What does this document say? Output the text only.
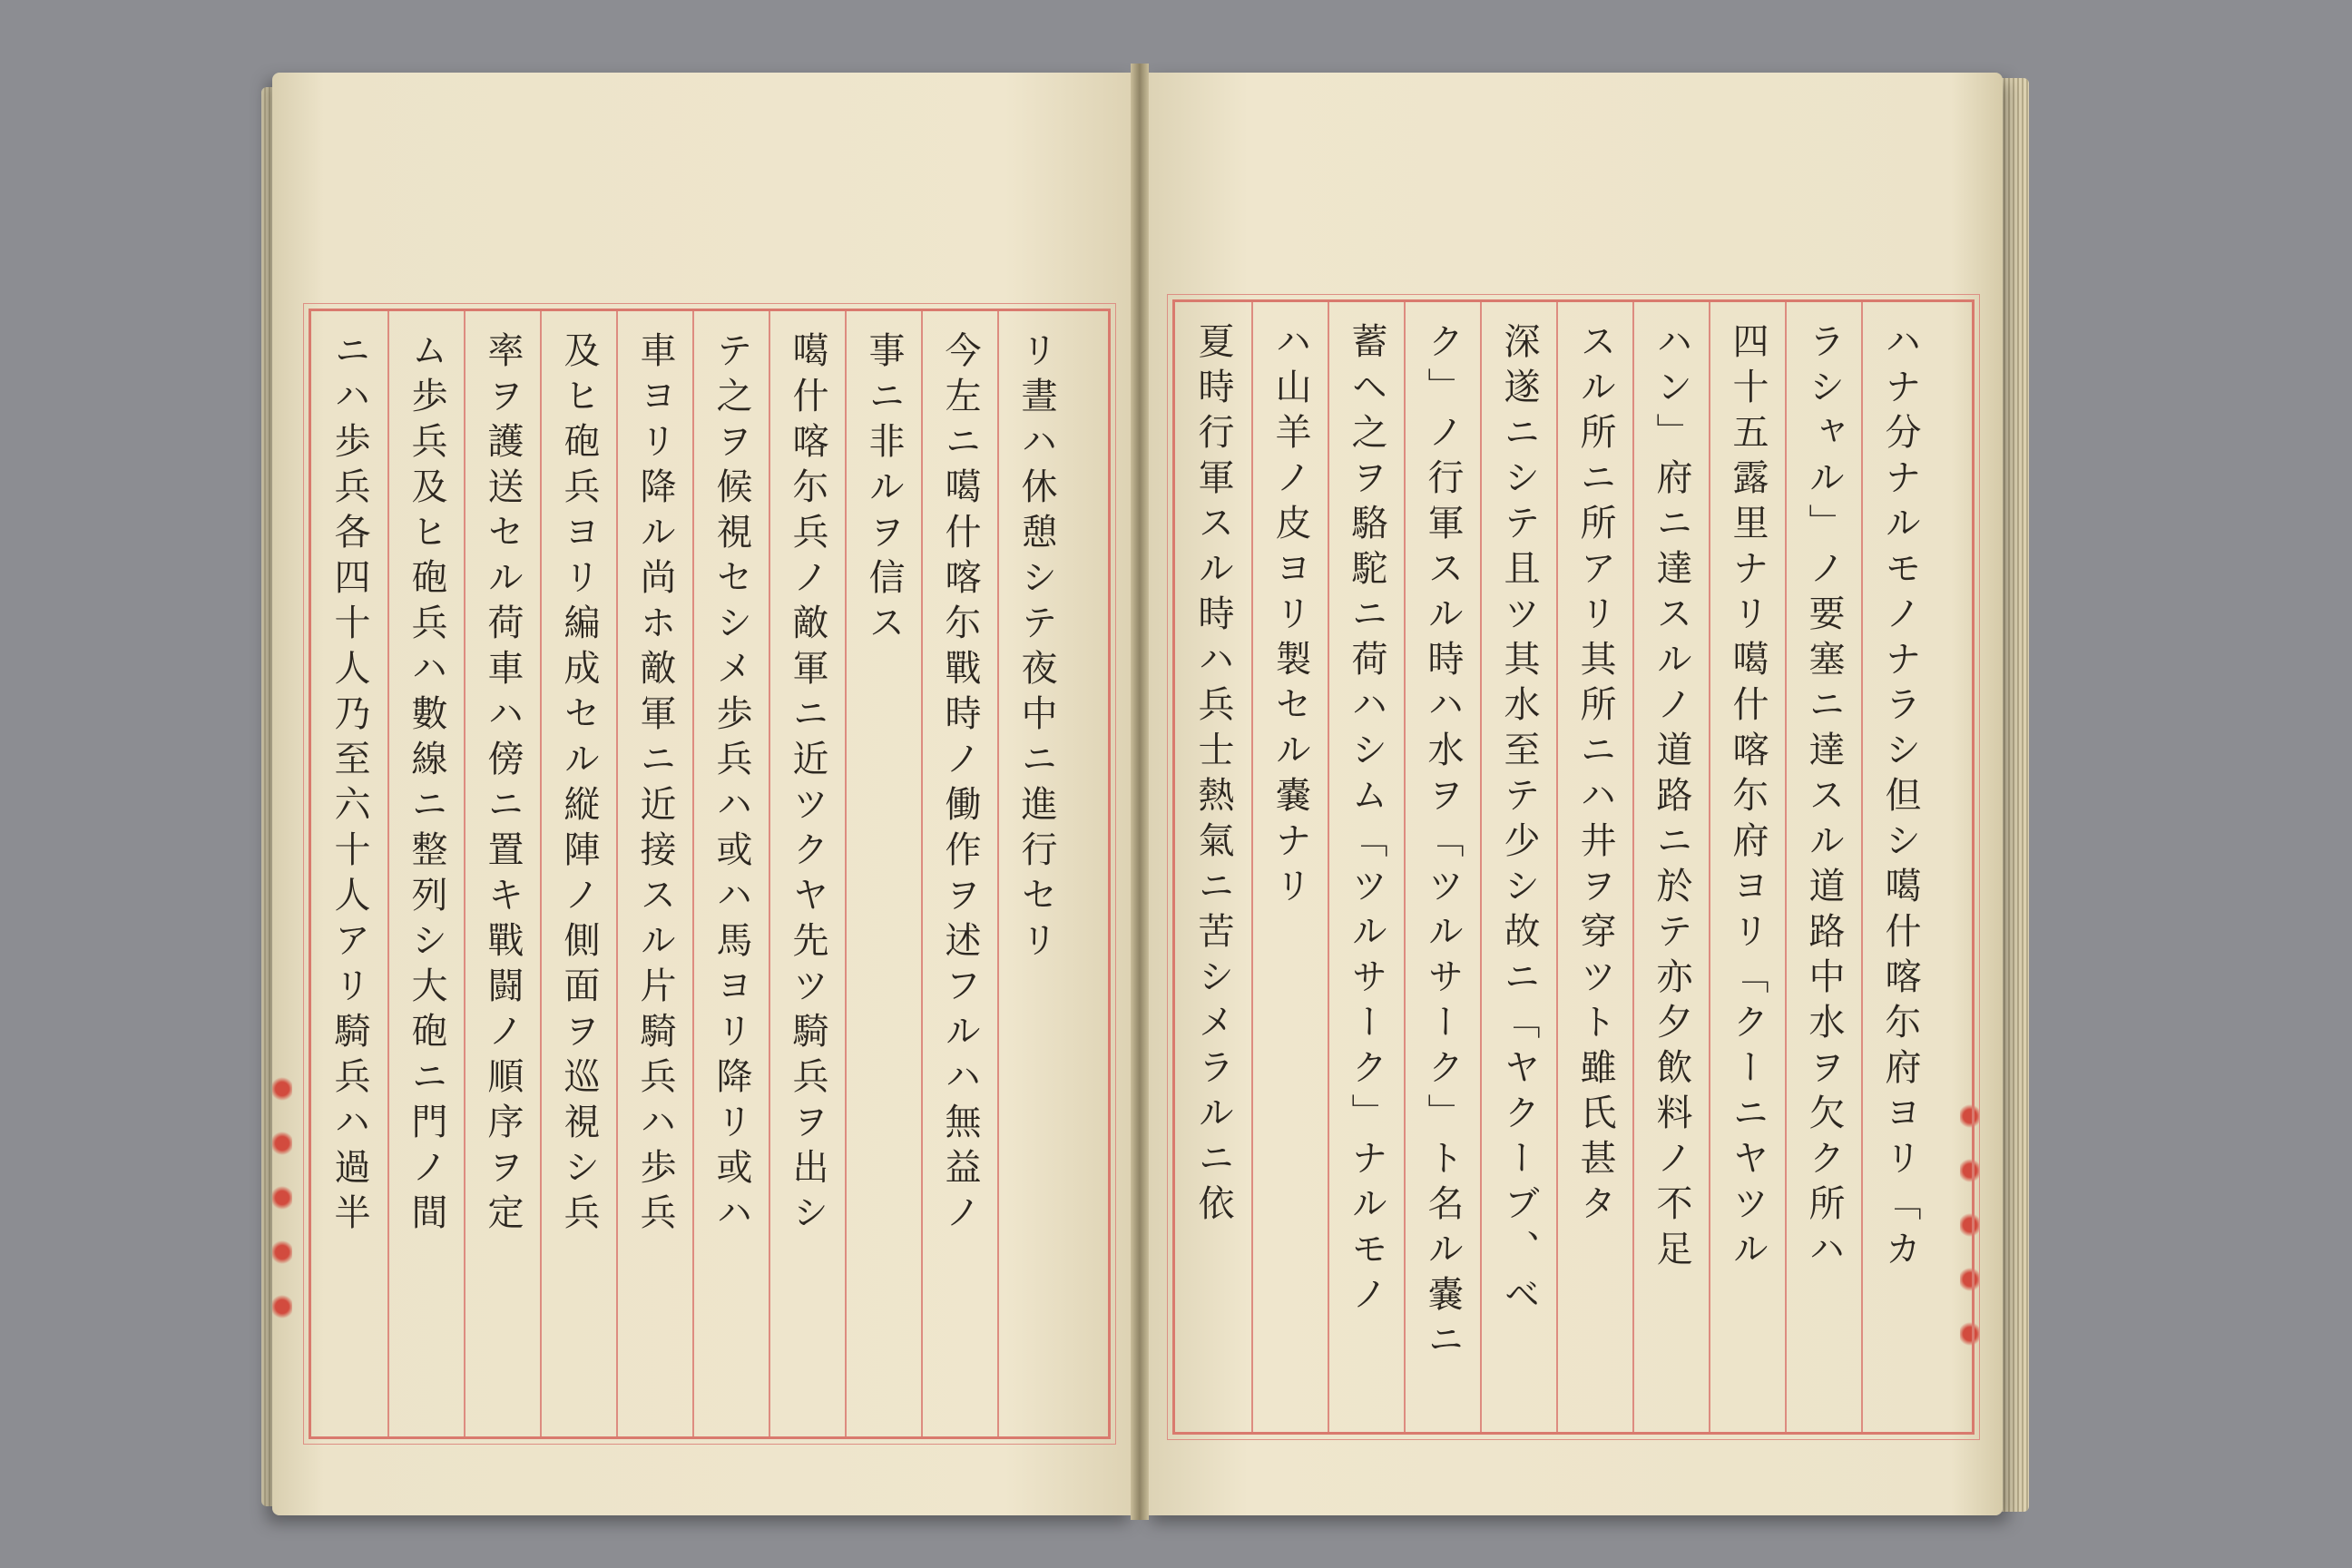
ニハ歩兵各四十人乃至六十人アリ騎兵ハ過半 ム歩兵及ヒ砲兵ハ數線ニ整列シ大砲ニ門ノ間 率ヲ護送セル荷車ハ傍ニ置キ戰闘ノ順序ヲ定 及ヒ砲兵ヨリ編成セル縦陣ノ側面ヲ巡視シ兵 車ヨリ降ル尚ホ敵軍ニ近接スル片騎兵ハ歩兵 テ之ヲ候視セシメ歩兵ハ或ハ馬ヨリ降リ或ハ 噶什喀尓兵ノ敵軍ニ近ツクヤ先ツ騎兵ヲ出シ 事ニ非ルヲ信ス 今左ニ噶什喀尓戰時ノ働作ヲ述フルハ無益ノ リ晝ハ休憩シテ夜中ニ進行セリ	夏時行軍スル時ハ兵士熱氣ニ苦シメラルニ依 ハ山羊ノ皮ヨリ製セル嚢ナリ 蓄ヘ之ヲ駱駝ニ荷ハシム「ツルサーク」ナルモノ ク」ノ行軍スル時ハ水ヲ「ツルサーク」ト名ル嚢ニ 深遂ニシテ且ツ其水至テ少シ故ニ「ヤクーブ、ベ スル所ニ所アリ其所ニハ井ヲ穿ツト雖氏甚タ ハン」府ニ達スルノ道路ニ於テ亦夕飲料ノ不足 四十五露里ナリ噶什喀尓府ヨリ「クーニヤツル ラシャル」ノ要塞ニ達スル道路中水ヲ欠ク所ハ ハナ分ナルモノナラシ但シ噶什喀尓府ヨリ「カ
